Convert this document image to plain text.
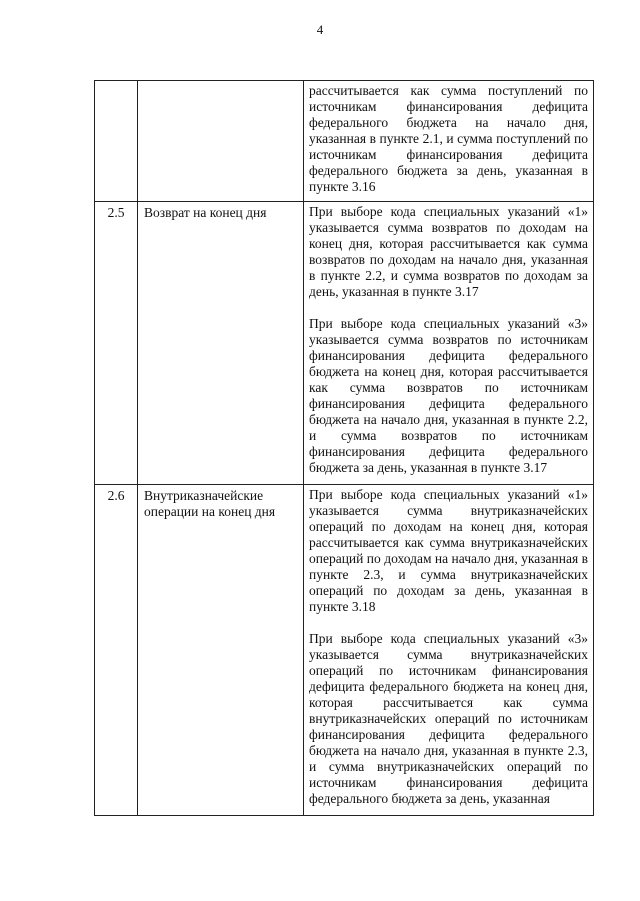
4

		рассчитывается как сумма поступлений по источникам финансирования дефицита федерального бюджета на начало дня, указанная в пункте 2.1, и сумма поступлений по источникам финансирования дефицита федерального бюджета за день, указанная в пункте 3.16

2.5	Возврат на конец дня	При выборе кода специальных указаний «1» указывается сумма возвратов по доходам на конец дня, которая рассчитывается как сумма возвратов по доходам на начало дня, указанная в пункте 2.2, и сумма возвратов по доходам за день, указанная в пункте 3.17

При выборе кода специальных указаний «3» указывается сумма возвратов по источникам финансирования дефицита федерального бюджета на конец дня, которая рассчитывается как сумма возвратов по источникам финансирования дефицита федерального бюджета на начало дня, указанная в пункте 2.2, и сумма возвратов по источникам финансирования дефицита федерального бюджета за день, указанная в пункте 3.17

2.6	Внутриказначейские операции на конец дня	При выборе кода специальных указаний «1» указывается сумма внутриказначейских операций по доходам на конец дня, которая рассчитывается как сумма внутриказначейских операций по доходам на начало дня, указанная в пункте 2.3, и сумма внутриказначейских операций по доходам за день, указанная в пункте 3.18

При выборе кода специальных указаний «3» указывается сумма внутриказначейских операций по источникам финансирования дефицита федерального бюджета на конец дня, которая рассчитывается как сумма внутриказначейских операций по источникам финансирования дефицита федерального бюджета на начало дня, указанная в пункте 2.3, и сумма внутриказначейских операций по источникам финансирования дефицита федерального бюджета за день, указанная
